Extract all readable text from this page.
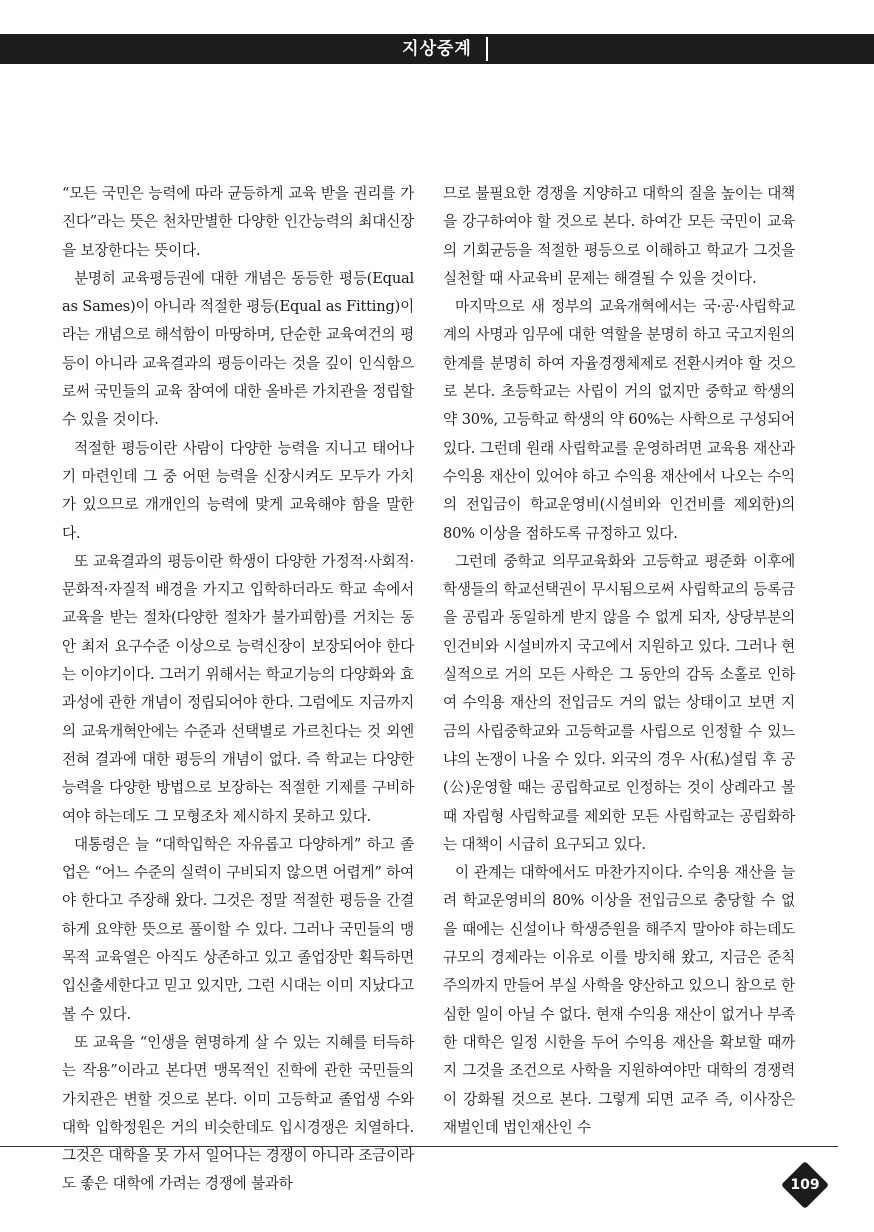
지상중계

“모든 국민은 능력에 따라 균등하게 교육 받을 권리를 가진다”라는 뜻은 천차만별한 다양한 인간능력의 최대신장을 보장한다는 뜻이다.

분명히 교육평등권에 대한 개념은 동등한 평등(Equal as Sames)이 아니라 적절한 평등(Equal as Fitting)이라는 개념으로 해석함이 마땅하며, 단순한 교육여건의 평등이 아니라 교육결과의 평등이라는 것을 깊이 인식함으로써 국민들의 교육 참여에 대한 올바른 가치관을 정립할 수 있을 것이다.

적절한 평등이란 사람이 다양한 능력을 지니고 태어나기 마련인데 그 중 어떤 능력을 신장시켜도 모두가 가치가 있으므로 개개인의 능력에 맞게 교육해야 함을 말한다.

또 교육결과의 평등이란 학생이 다양한 가정적·사회적·문화적·자질적 배경을 가지고 입학하더라도 학교 속에서 교육을 받는 절차(다양한 절차가 불가피함)를 거치는 동안 최저 요구수준 이상으로 능력신장이 보장되어야 한다는 이야기이다. 그러기 위해서는 학교기능의 다양화와 효과성에 관한 개념이 정립되어야 한다. 그럼에도 지금까지의 교육개혁안에는 수준과 선택별로 가르친다는 것 외엔 전혀 결과에 대한 평등의 개념이 없다. 즉 학교는 다양한 능력을 다양한 방법으로 보장하는 적절한 기제를 구비하여야 하는데도 그 모형조차 제시하지 못하고 있다.

대통령은 늘 “대학입학은 자유롭고 다양하게” 하고 졸업은 “어느 수준의 실력이 구비되지 않으면 어렵게” 하여야 한다고 주장해 왔다. 그것은 정말 적절한 평등을 간결하게 요약한 뜻으로 풀이할 수 있다. 그러나 국민들의 맹목적 교육열은 아직도 상존하고 있고 졸업장만 획득하면 입신출세한다고 믿고 있지만, 그런 시대는 이미 지났다고 볼 수 있다.

또 교육을 “인생을 현명하게 살 수 있는 지혜를 터득하는 작용”이라고 본다면 맹목적인 진학에 관한 국민들의 가치관은 변할 것으로 본다. 이미 고등학교 졸업생 수와 대학 입학정원은 거의 비슷한데도 입시경쟁은 치열하다. 그것은 대학을 못 가서 일어나는 경쟁이 아니라 조금이라도 좋은 대학에 가려는 경쟁에 불과하

므로 불필요한 경쟁을 지양하고 대학의 질을 높이는 대책을 강구하여야 할 것으로 본다. 하여간 모든 국민이 교육의 기회균등을 적절한 평등으로 이해하고 학교가 그것을 실천할 때 사교육비 문제는 해결될 수 있을 것이다.

마지막으로 새 정부의 교육개혁에서는 국·공·사립학교계의 사명과 임무에 대한 역할을 분명히 하고 국고지원의 한계를 분명히 하여 자율경쟁체제로 전환시켜야 할 것으로 본다. 초등학교는 사립이 거의 없지만 중학교 학생의 약 30%, 고등학교 학생의 약 60%는 사학으로 구성되어 있다. 그런데 원래 사립학교를 운영하려면 교육용 재산과 수익용 재산이 있어야 하고 수익용 재산에서 나오는 수익의 전입금이 학교운영비(시설비와 인건비를 제외한)의 80% 이상을 점하도록 규정하고 있다.

그런데 중학교 의무교육화와 고등학교 평준화 이후에 학생들의 학교선택권이 무시됨으로써 사립학교의 등록금을 공립과 동일하게 받지 않을 수 없게 되자, 상당부분의 인건비와 시설비까지 국고에서 지원하고 있다. 그러나 현실적으로 거의 모든 사학은 그 동안의 감독 소홀로 인하여 수익용 재산의 전입금도 거의 없는 상태이고 보면 지금의 사립중학교와 고등학교를 사립으로 인정할 수 있느냐의 논쟁이 나올 수 있다. 외국의 경우 사(私)설립 후 공(公)운영할 때는 공립학교로 인정하는 것이 상례라고 볼 때 자립형 사립학교를 제외한 모든 사립학교는 공립화하는 대책이 시급히 요구되고 있다.

이 관계는 대학에서도 마찬가지이다. 수익용 재산을 늘려 학교운영비의 80% 이상을 전입금으로 충당할 수 없을 때에는 신설이나 학생증원을 해주지 말아야 하는데도 규모의 경제라는 이유로 이를 방치해 왔고, 지금은 준칙주의까지 만들어 부실 사학을 양산하고 있으니 참으로 한심한 일이 아닐 수 없다. 현재 수익용 재산이 없거나 부족한 대학은 일정 시한을 두어 수익용 재산을 확보할 때까지 그것을 조건으로 사학을 지원하여야만 대학의 경쟁력이 강화될 것으로 본다. 그렇게 되면 교주 즉, 이사장은 재벌인데 법인재산인 수

109
